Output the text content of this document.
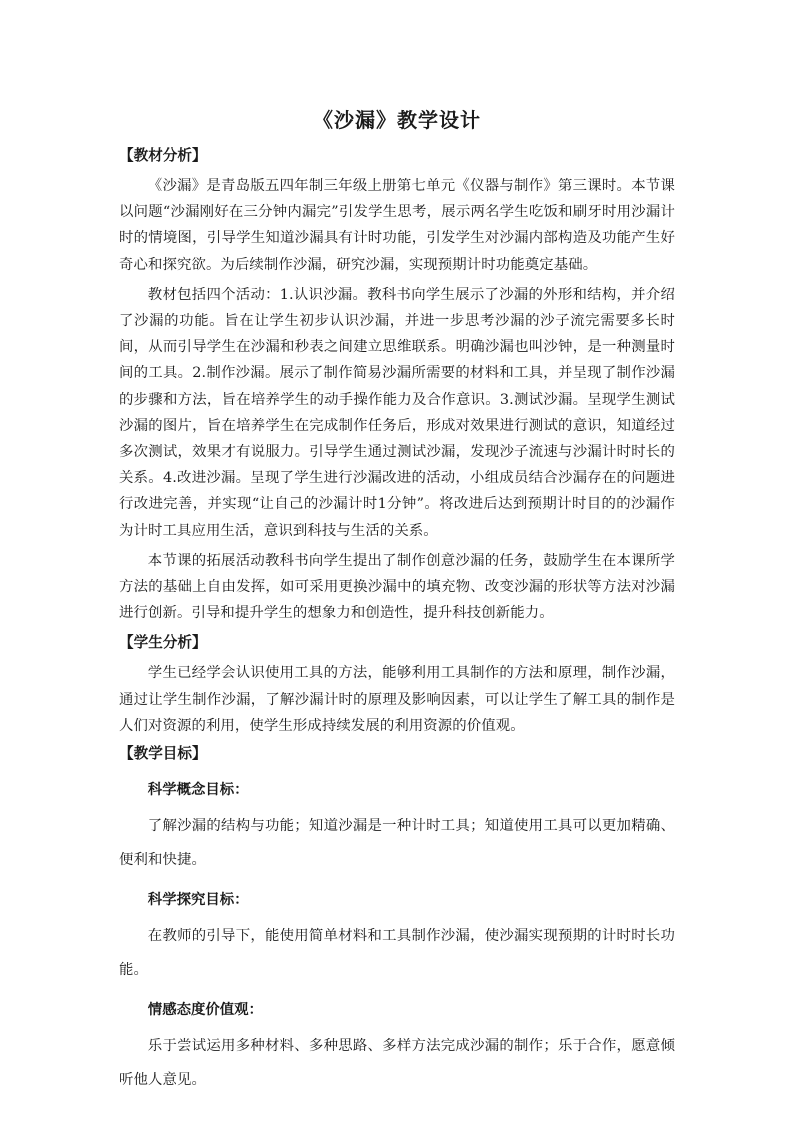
《沙漏》教学设计

【教材分析】

《沙漏》是青岛版五四年制三年级上册第七单元《仪器与制作》第三课时。本节课以问题“沙漏刚好在三分钟内漏完”引发学生思考，展示两名学生吃饭和刷牙时用沙漏计时的情境图，引导学生知道沙漏具有计时功能，引发学生对沙漏内部构造及功能产生好奇心和探究欲。为后续制作沙漏，研究沙漏，实现预期计时功能奠定基础。

教材包括四个活动：1.认识沙漏。教科书向学生展示了沙漏的外形和结构，并介绍了沙漏的功能。旨在让学生初步认识沙漏，并进一步思考沙漏的沙子流完需要多长时间，从而引导学生在沙漏和秒表之间建立思维联系。明确沙漏也叫沙钟，是一种测量时间的工具。2.制作沙漏。展示了制作简易沙漏所需要的材料和工具，并呈现了制作沙漏的步骤和方法，旨在培养学生的动手操作能力及合作意识。3.测试沙漏。呈现学生测试沙漏的图片，旨在培养学生在完成制作任务后，形成对效果进行测试的意识，知道经过多次测试，效果才有说服力。引导学生通过测试沙漏，发现沙子流速与沙漏计时时长的关系。4.改进沙漏。呈现了学生进行沙漏改进的活动，小组成员结合沙漏存在的问题进行改进完善，并实现“让自己的沙漏计时1分钟”。将改进后达到预期计时目的的沙漏作为计时工具应用生活，意识到科技与生活的关系。

本节课的拓展活动教科书向学生提出了制作创意沙漏的任务，鼓励学生在本课所学方法的基础上自由发挥，如可采用更换沙漏中的填充物、改变沙漏的形状等方法对沙漏进行创新。引导和提升学生的想象力和创造性，提升科技创新能力。

【学生分析】

学生已经学会认识使用工具的方法，能够利用工具制作的方法和原理，制作沙漏，通过让学生制作沙漏，了解沙漏计时的原理及影响因素，可以让学生了解工具的制作是人们对资源的利用，使学生形成持续发展的利用资源的价值观。

【教学目标】

科学概念目标：

了解沙漏的结构与功能；知道沙漏是一种计时工具；知道使用工具可以更加精确、便利和快捷。

科学探究目标：

在教师的引导下，能使用简单材料和工具制作沙漏，使沙漏实现预期的计时时长功能。

情感态度价值观：

乐于尝试运用多种材料、多种思路、多样方法完成沙漏的制作；乐于合作，愿意倾听他人意见。
